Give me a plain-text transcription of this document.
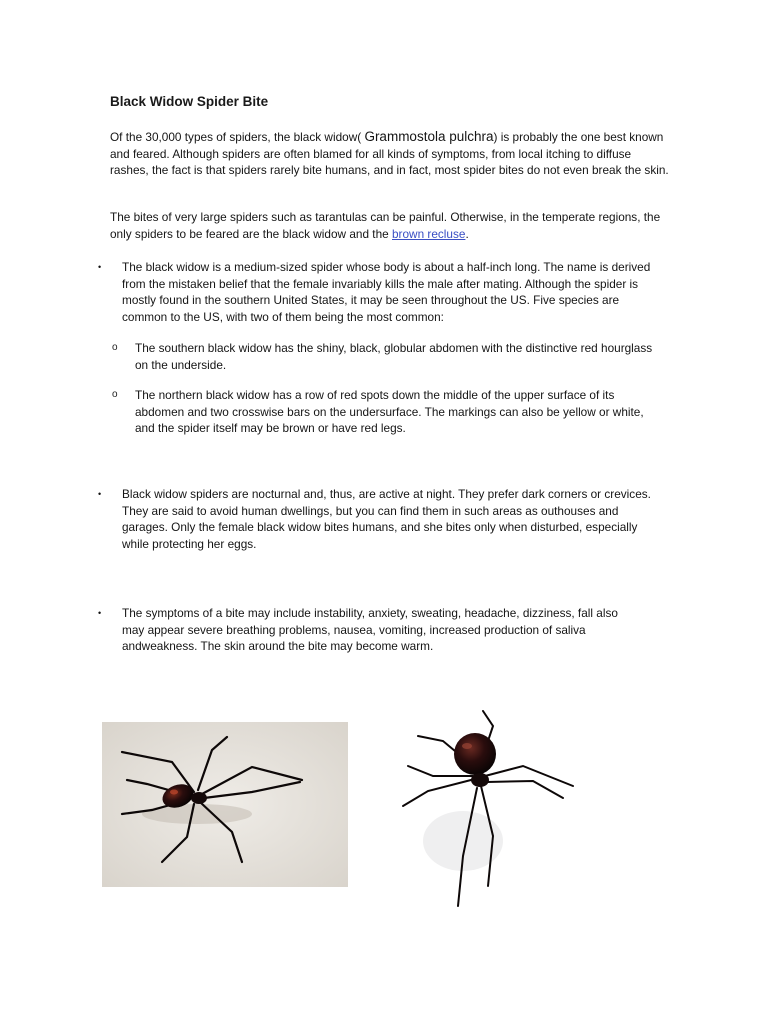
Black Widow Spider Bite

Of the 30,000 types of spiders, the black widow( Grammostola pulchra) is probably the one best known and feared. Although spiders are often blamed for all kinds of symptoms, from local itching to diffuse rashes, the fact is that spiders rarely bite humans, and in fact, most spider bites do not even break the skin.

The bites of very large spiders such as tarantulas can be painful. Otherwise, in the temperate regions, the only spiders to be feared are the black widow and the brown recluse.

• The black widow is a medium-sized spider whose body is about a half-inch long. The name is derived from the mistaken belief that the female invariably kills the male after mating. Although the spider is mostly found in the southern United States, it may be seen throughout the US. Five species are common to the US, with two of them being the most common:

o The southern black widow has the shiny, black, globular abdomen with the distinctive red hourglass on the underside.

o The northern black widow has a row of red spots down the middle of the upper surface of its abdomen and two crosswise bars on the undersurface. The markings can also be yellow or white, and the spider itself may be brown or have red legs.

• Black widow spiders are nocturnal and, thus, are active at night. They prefer dark corners or crevices. They are said to avoid human dwellings, but you can find them in such areas as outhouses and garages. Only the female black widow bites humans, and she bites only when disturbed, especially while protecting her eggs.

• The symptoms of a bite may include instability, anxiety, sweating, headache, dizziness, fall also may appear severe breathing problems, nausea, vomiting, increased production of saliva andweakness. The skin around the bite may become warm.
